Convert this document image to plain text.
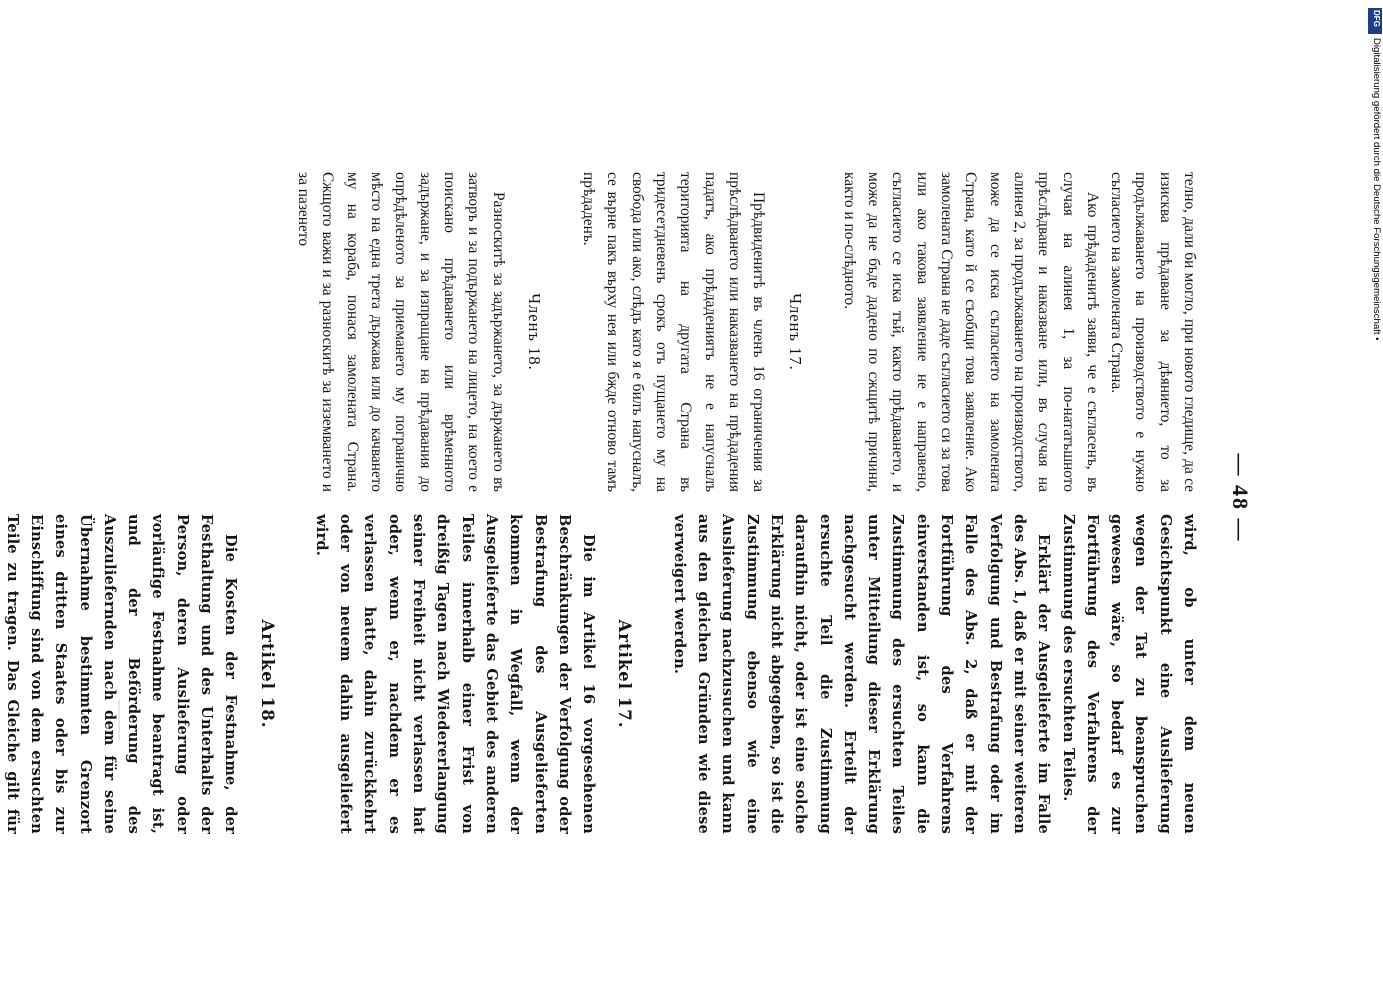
— 48 —

телно, дали би могло, при новото гледище, да се изисква прѣдаване за дѣянието, то за продължаването на производството е нужно съгласието на замолената Страна.

Ако прѣдаденитѣ заяви, че е съгласенъ, въ случая на алинея 1, за по-нататъшното прѣслѣдване и наказване или, въ случая на алинея 2, за продължаването на производството, може да се иска съгласието на замолената Страна, като й се съобщи това заявление. Ако замолената Страна не даде съгласието си за това или ако такова заявление не е направено, съгласието се иска тъй, както прѣдаването, и може да не бъде дадено по сжщитѣ причини, както и по-слѣдното.

Членъ 17.

Прѣдвиденитѣ въ членъ 16 ограничения за прѣслѣдването или наказването на прѣдадения падатъ, ако прѣдадениятъ не е напусналъ територията на другата Страна въ тридесетдневенъ срокъ отъ пущането му на свобода или ако, слѣдъ като я е билъ напусналъ, се върне пакъ върху нея или бжде отново тамъ прѣдаденъ.

Членъ 18.

Разноскитѣ за задържането, за държането въ затворъ и за подържането на лицето, на което е поискано прѣдаването или врѣменното задържане, и за изпращане на прѣдавания до опрѣдѣленото за приемането му погранично мѣсто на една трета държава или до качването му на кораба, понася замолената Страна. Сжщото важи и за разноскитѣ за изземването и за пазенето

wird, ob unter dem neuen Gesichtspunkt eine Auslieferung wegen der Tat zu beanspruchen gewesen wäre, so bedarf es zur Fortführung des Verfahrens der Zustimmung des ersuchten Teiles.

Erklärt der Ausgelieferte im Falle des Abs. 1, daß er mit seiner weiteren Verfolgung und Bestrafung oder im Falle des Abs. 2, daß er mit der Fortführung des Verfahrens einverstanden ist, so kann die Zustimmung des ersuchten Teiles unter Mitteilung dieser Erklärung nachgesucht werden. Erteilt der ersuchte Teil die Zustimmung daraufhin nicht, oder ist eine solche Erklärung nicht abgegeben, so ist die Zustimmung ebenso wie eine Auslieferung nachzusuchen und kann aus den gleichen Gründen wie diese verweigert werden.

Artikel 17.

Die im Artikel 16 vorgesehenen Beschränkungen der Verfolgung oder Bestrafung des Ausgelieferten kommen in Wegfall, wenn der Ausgelieferte das Gebiet des anderen Teiles innerhalb einer Frist von dreißig Tagen nach Wiedererlangung seiner Freiheit nicht verlassen hat oder, wenn er, nachdem er es verlassen hatte, dahin zurückkehrt oder von neuem dahin ausgeliefert wird.

Artikel 18.

Die Kosten der Festnahme, der Festhaltung und des Unterhalts der Person, deren Auslieferung oder vorläufige Festnahme beantragt ist, und der Beförderung des Auszuliefernden nach dem für seine Übernahme bestimmten Grenzort eines dritten Staates oder bis zur Einschiffung sind von dem ersuchten Teile zu tragen. Das Gleiche gilt für

DFG
Digitalisierung gefördert durch die Deutsche Forschungsgemeinschaft •
